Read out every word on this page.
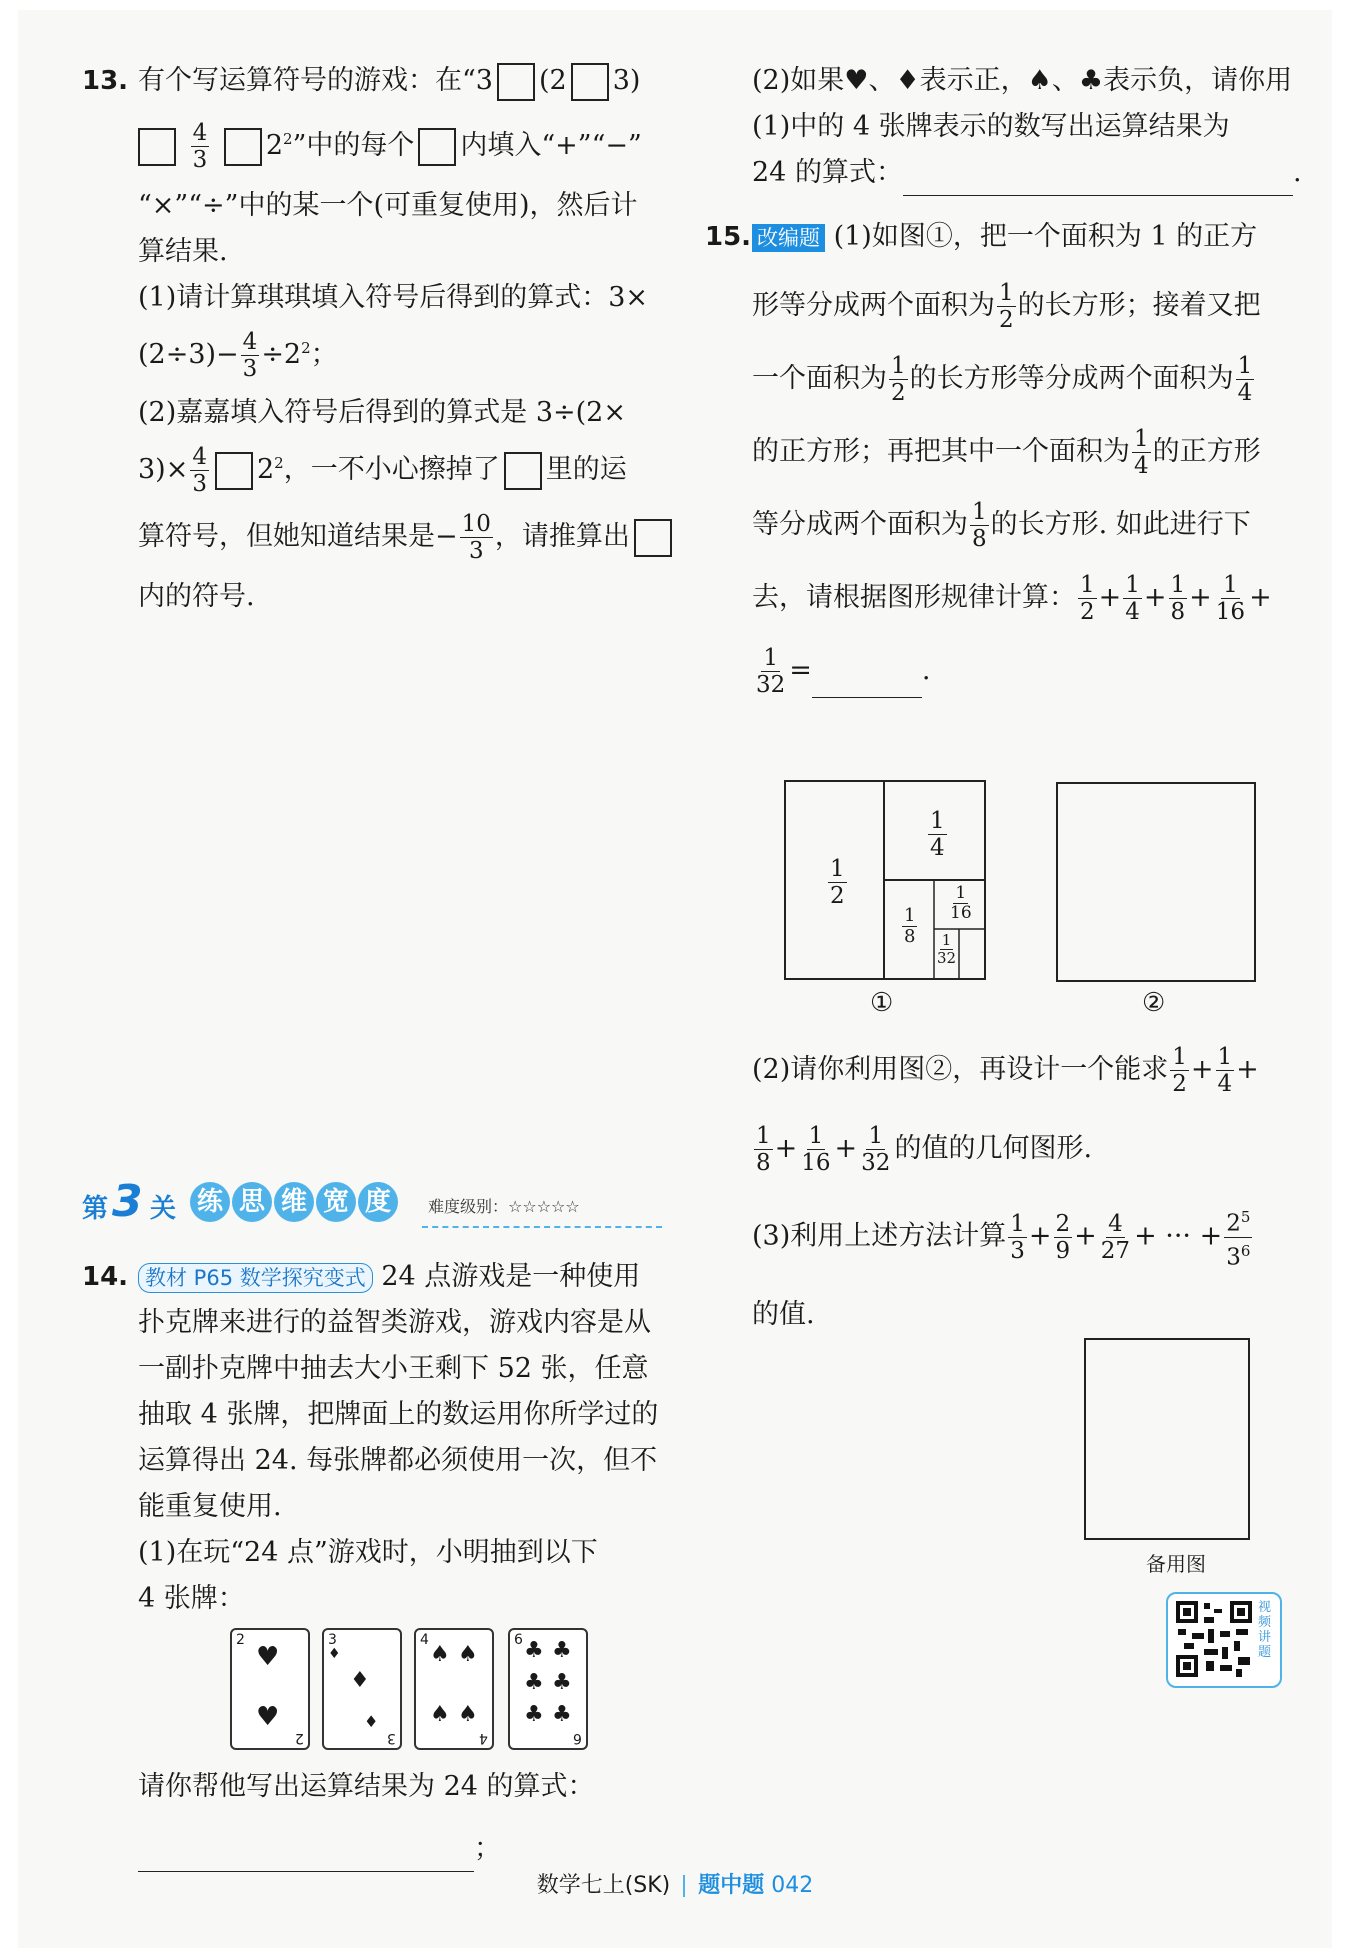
13. 有个写运算符号的游戏：在“3 (2 3)

$\frac{4}{3} 2^2$”中的每个 内填入“+”“−”
“×”“÷”中的某一个(可重复使用)，然后计
算结果.
(1)请计算琪琪填入符号后得到的算式：3×
$(2\div 3)- \frac{4}{3} \div 2^2$；
(2)嘉嘉填入符号后得到的算式是 3÷(2×
$3)\times \frac{4}{3} 2^2$，一不小心擦掉了 里的运
算符号，但她知道结果是− $\frac{10}{3}$ ，请推算出
内的符号.
第 3 关 练 思 维 宽 度	难度级别：☆☆☆☆☆
14. 教材 P65 数学探究变式 24 点游戏是一种使用
扑克牌来进行的益智类游戏，游戏内容是从
一副扑克牌中抽去大小王剩下 52 张，任意
抽取 4 张牌，把牌面上的数运用你所学过的
运算得出 24. 每张牌都必须使用一次，但不
能重复使用.
(1)在玩“24 点”游戏时，小明抽到以下
4 张牌：
2
♥
♥
2
3
♦
♦
♦
3
4
♠ ♠
♠ ♠
4
6 ♣ ♣
♣ ♣
♣ ♣
6
请你帮他写出运算结果为 24 的算式：
；
(2)如果♥、♦表示正，♠、♣表示负，请你用
(1)中的 4 张牌表示的数写出运算结果为
24 的算式：	.
15. 改编题 (1)如图①，把一个面积为 1 的正方
形等分成两个面积为 $\frac{1}{2}$ 的长方形；接着又把
一个面积为 $\frac{1}{2}$ 的长方形等分成两个面积为 $\frac{1}{4}$
的正方形；再把其中一个面积为 $\frac{1}{4}$ 的正方形
等分成两个面积为 $\frac{1}{8}$ 的长方形. 如此进行下
去，请根据图形规律计算： $\frac{1}{2} + \frac{1}{4} + \frac{1}{8} + \frac{1}{16}$ +
$\frac{1}{32}$ =	.
$\frac{1}{2}$
$\frac{1}{4}$
$\frac{1}{8}$
$\frac{1}{16}$
$\frac{1}{32}$
①	②
(2)请你利用图②，再设计一个能求 $\frac{1}{2} + \frac{1}{4}$ +
$\frac{1}{8} + \frac{1}{16} + \frac{1}{32}$ 的值的几何图形.
(3)利用上述方法计算 $\frac{1}{3} + \frac{2}{9} + \frac{4}{27}$ + ··· + $\frac{2^5}{3^6}$
的值.
备用图
视频讲题
数学七上(SK) 题中题 042
